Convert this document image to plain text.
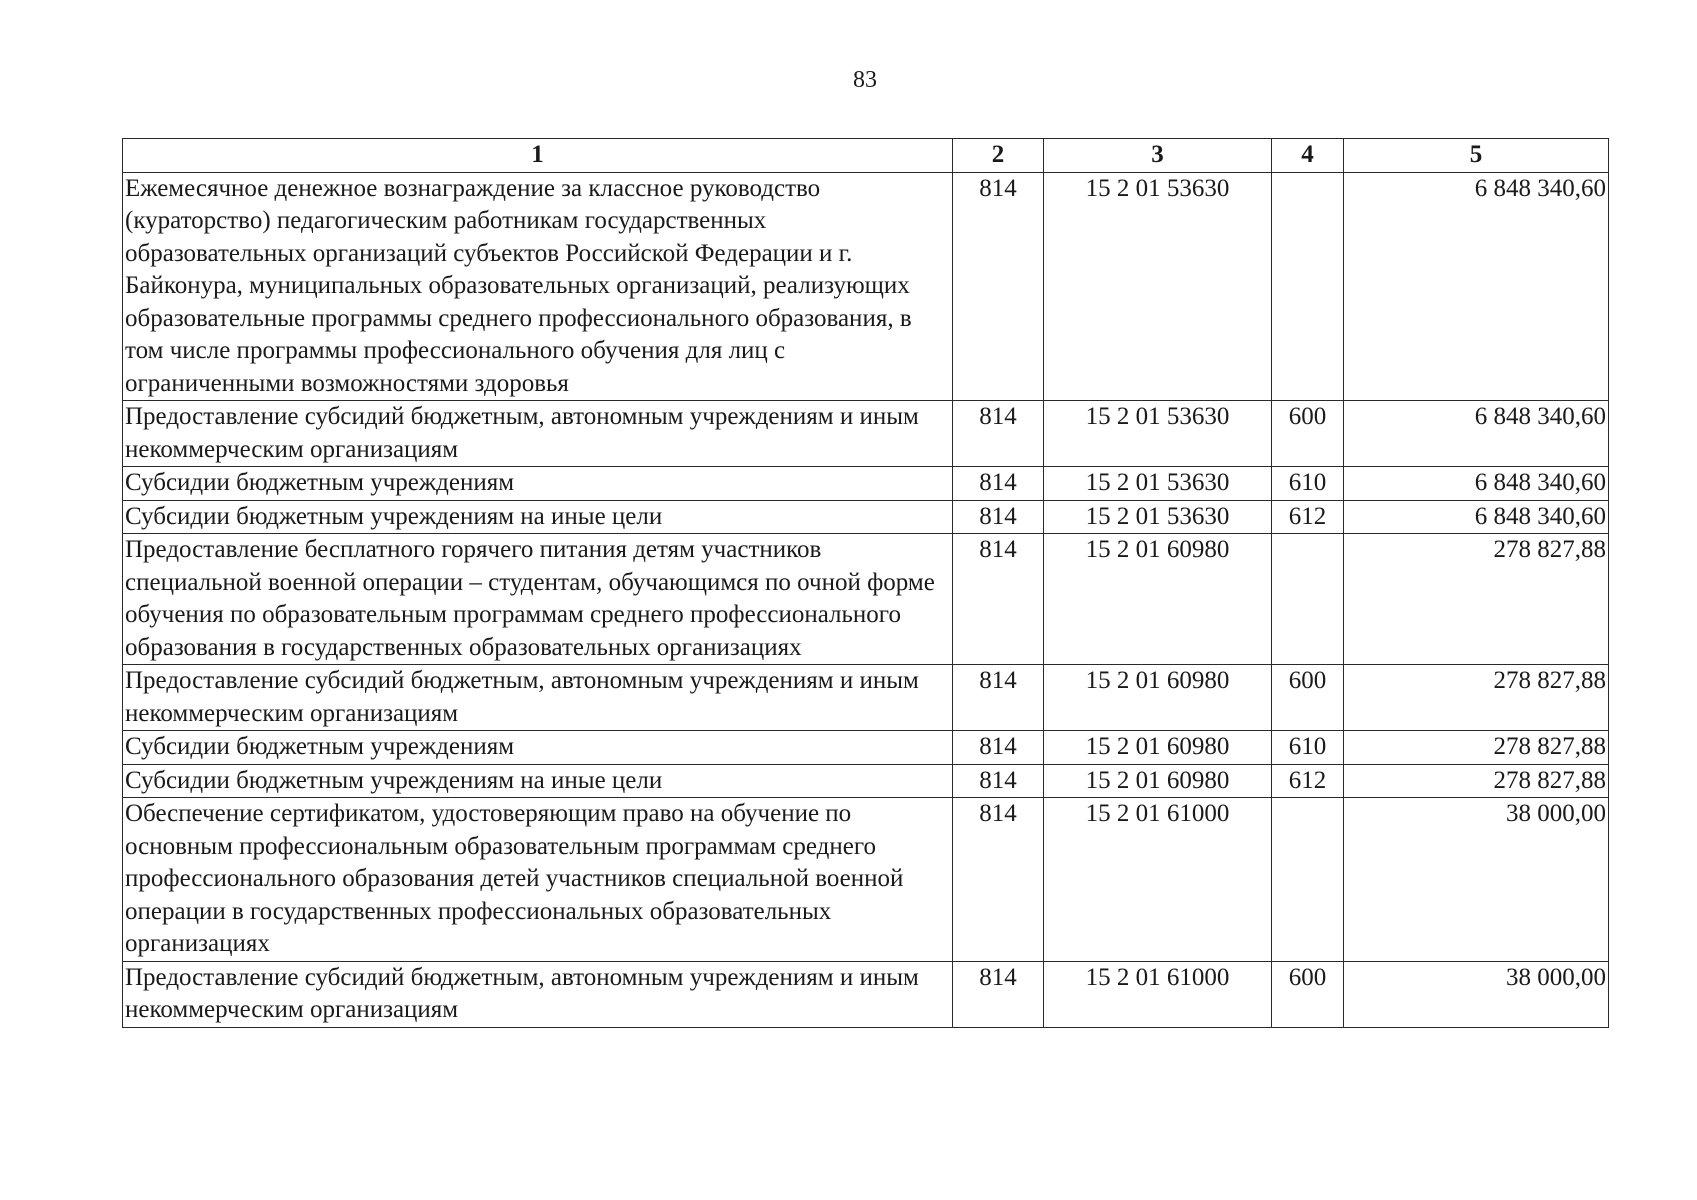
83
1	2	3	4	5
Ежемесячное денежное вознаграждение за классное руководство (кураторство) педагогическим работникам государственных образовательных организаций субъектов Российской Федерации и г. Байконура, муниципальных образовательных организаций, реализующих образовательные программы среднего профессионального образования, в том числе программы профессионального обучения для лиц с ограниченными возможностями здоровья	814	15 2 01 53630		6 848 340,60
Предоставление субсидий бюджетным, автономным учреждениям и иным некоммерческим организациям	814	15 2 01 53630	600	6 848 340,60
Субсидии бюджетным учреждениям	814	15 2 01 53630	610	6 848 340,60
Субсидии бюджетным учреждениям на иные цели	814	15 2 01 53630	612	6 848 340,60
Предоставление бесплатного горячего питания детям участников специальной военной операции – студентам, обучающимся по очной форме обучения по образовательным программам среднего профессионального образования в государственных образовательных организациях	814	15 2 01 60980		278 827,88
Предоставление субсидий бюджетным, автономным учреждениям и иным некоммерческим организациям	814	15 2 01 60980	600	278 827,88
Субсидии бюджетным учреждениям	814	15 2 01 60980	610	278 827,88
Субсидии бюджетным учреждениям на иные цели	814	15 2 01 60980	612	278 827,88
Обеспечение сертификатом, удостоверяющим право на обучение по основным профессиональным образовательным программам среднего профессионального образования детей участников специальной военной операции в государственных профессиональных образовательных организациях	814	15 2 01 61000		38 000,00
Предоставление субсидий бюджетным, автономным учреждениям и иным некоммерческим организациям	814	15 2 01 61000	600	38 000,00
